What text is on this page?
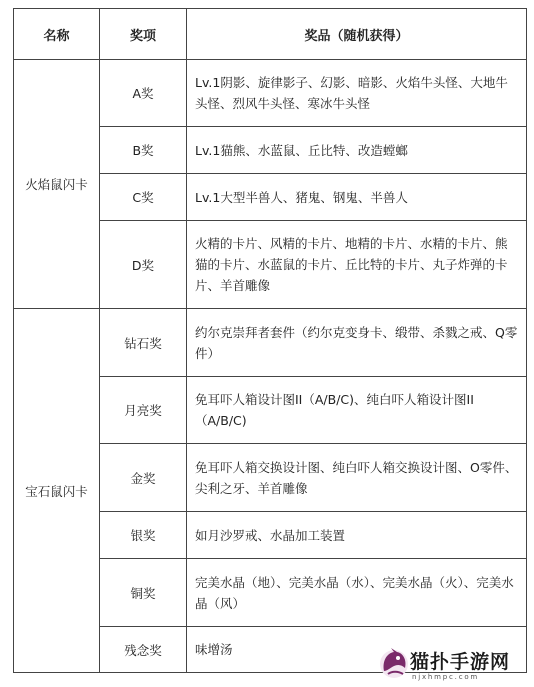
名称	奖项	奖品（随机获得）
火焰鼠闪卡	A奖	Lv.1阴影、旋律影子、幻影、暗影、火焰牛头怪、大地牛头怪、烈风牛头怪、寒冰牛头怪
	B奖	Lv.1猫熊、水蓝鼠、丘比特、改造螳螂
	C奖	Lv.1大型半兽人、猪鬼、钢鬼、半兽人
	D奖	火精的卡片、风精的卡片、地精的卡片、水精的卡片、熊猫的卡片、水蓝鼠的卡片、丘比特的卡片、丸子炸弹的卡片、羊首雕像
宝石鼠闪卡	钻石奖	约尔克崇拜者套件（约尔克变身卡、缎带、杀戮之戒、Q零件）
	月亮奖	免耳吓人箱设计图II（A/B/C)、纯白吓人箱设计图II（A/B/C)
	金奖	免耳吓人箱交换设计图、纯白吓人箱交换设计图、O零件、尖利之牙、羊首雕像
	银奖	如月沙罗戒、水晶加工装置
	铜奖	完美水晶（地）、完美水晶（水）、完美水晶（火）、完美水晶（风）
	残念奖	味增汤
猫扑手游网
njxhmpc.com
